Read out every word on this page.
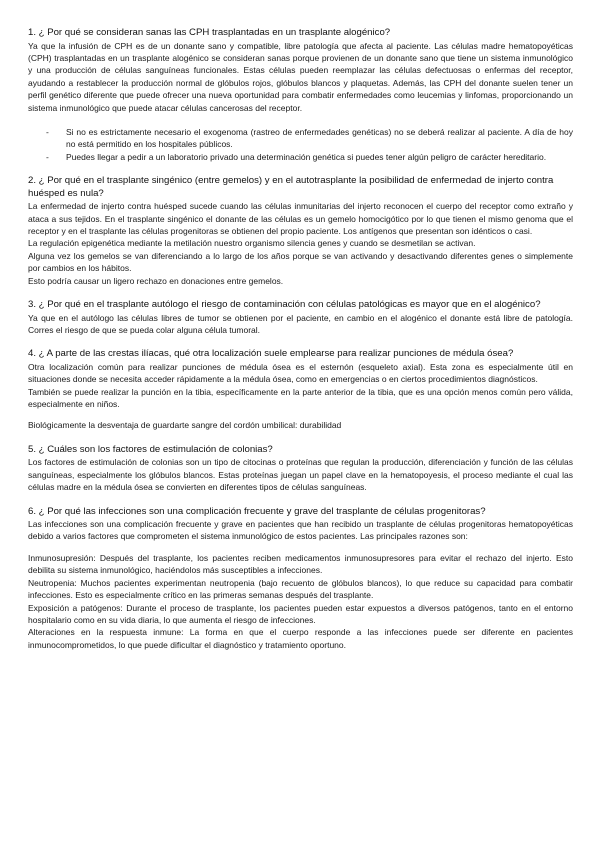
1. ¿ Por qué se consideran sanas las CPH trasplantadas en un trasplante alogénico?

Ya que la infusión de CPH es de un donante sano y compatible, libre patología que afecta al paciente. Las células madre hematopoyéticas (CPH) trasplantadas en un trasplante alogénico se consideran sanas porque provienen de un donante sano que tiene un sistema inmunológico y una producción de células sanguíneas funcionales. Estas células pueden reemplazar las células defectuosas o enfermas del receptor, ayudando a restablecer la producción normal de glóbulos rojos, glóbulos blancos y plaquetas. Además, las CPH del donante suelen tener un perfil genético diferente que puede ofrecer una nueva oportunidad para combatir enfermedades como leucemias y linfomas, proporcionando un sistema inmunológico que puede atacar células cancerosas del receptor.

- Si no es estrictamente necesario el exogenoma (rastreo de enfermedades genéticas) no se deberá realizar al paciente. A día de hoy no está permitido en los hospitales públicos.
- Puedes llegar a pedir a un laboratorio privado una determinación genética si puedes tener algún peligro de carácter hereditario.

2. ¿ Por qué en el trasplante singénico (entre gemelos) y en el autotrasplante la posibilidad de enfermedad de injerto contra huésped es nula?

La enfermedad de injerto contra huésped sucede cuando las células inmunitarias del injerto reconocen el cuerpo del receptor como extraño y ataca a sus tejidos. En el trasplante singénico el donante de las células es un gemelo homocigótico por lo que tienen el mismo genoma que el receptor y en el trasplante las células progenitoras se obtienen del propio paciente. Los antígenos que presentan son idénticos o casi.

La regulación epigenética mediante la metilación nuestro organismo silencia genes y cuando se desmetilan se activan.

Alguna vez los gemelos se van diferenciando a lo largo de los años porque se van activando y desactivando diferentes genes o simplemente por cambios en los hábitos.

Esto podría causar un ligero rechazo en donaciones entre gemelos.

3. ¿ Por qué en el trasplante autólogo el riesgo de contaminación con células patológicas es mayor que en el alogénico?

Ya que en el autólogo las células libres de tumor se obtienen por el paciente, en cambio en el alogénico el donante está libre de patología. Corres el riesgo de que se pueda colar alguna célula tumoral.

4. ¿ A parte de las crestas ilíacas, qué otra localización suele emplearse para realizar punciones de médula ósea?

Otra localización común para realizar punciones de médula ósea es el esternón (esqueleto axial). Esta zona es especialmente útil en situaciones donde se necesita acceder rápidamente a la médula ósea, como en emergencias o en ciertos procedimientos diagnósticos.

También se puede realizar la punción en la tibia, específicamente en la parte anterior de la tibia, que es una opción menos común pero válida, especialmente en niños.

Biológicamente la desventaja de guardarte sangre del cordón umbilical: durabilidad

5. ¿ Cuáles son los factores de estimulación de colonias?

Los factores de estimulación de colonias son un tipo de citocinas o proteínas que regulan la producción, diferenciación y función de las células sanguíneas, especialmente los glóbulos blancos. Estas proteínas juegan un papel clave en la hematopoyesis, el proceso mediante el cual las células madre en la médula ósea se convierten en diferentes tipos de células sanguíneas.

6. ¿ Por qué las infecciones son una complicación frecuente y grave del trasplante de células progenitoras?

Las infecciones son una complicación frecuente y grave en pacientes que han recibido un trasplante de células progenitoras hematopoyéticas debido a varios factores que comprometen el sistema inmunológico de estos pacientes. Las principales razones son:

Inmunosupresión: Después del trasplante, los pacientes reciben medicamentos inmunosupresores para evitar el rechazo del injerto. Esto debilita su sistema inmunológico, haciéndolos más susceptibles a infecciones.

Neutropenia: Muchos pacientes experimentan neutropenia (bajo recuento de glóbulos blancos), lo que reduce su capacidad para combatir infecciones. Esto es especialmente crítico en las primeras semanas después del trasplante.

Exposición a patógenos: Durante el proceso de trasplante, los pacientes pueden estar expuestos a diversos patógenos, tanto en el entorno hospitalario como en su vida diaria, lo que aumenta el riesgo de infecciones.

Alteraciones en la respuesta inmune: La forma en que el cuerpo responde a las infecciones puede ser diferente en pacientes inmunocomprometidos, lo que puede dificultar el diagnóstico y tratamiento oportuno.
